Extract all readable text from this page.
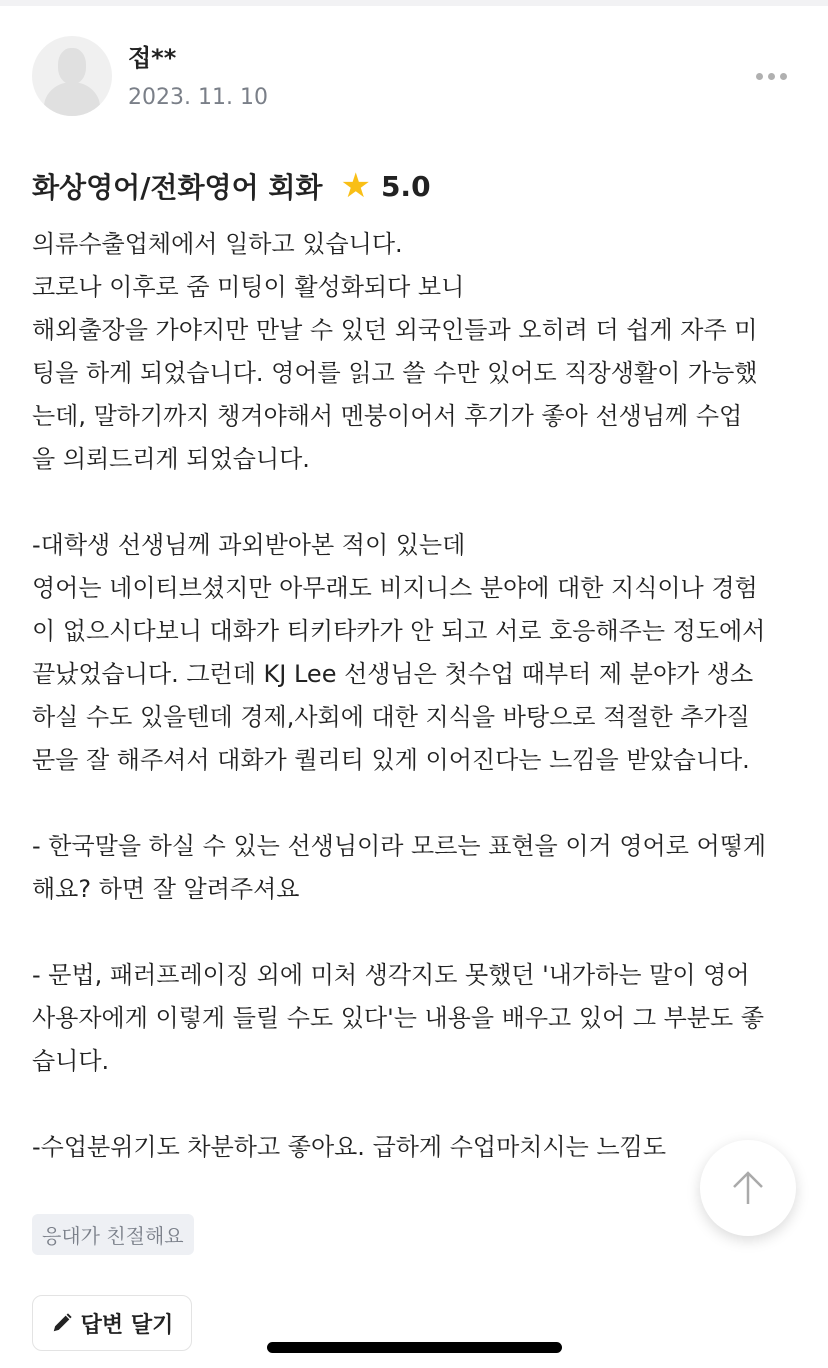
접**
2023. 11. 10
화상영어/전화영어 회화 ★ 5.0
의류수출업체에서 일하고 있습니다.
코로나 이후로 줌 미팅이 활성화되다 보니
해외출장을 가야지만 만날 수 있던 외국인들과 오히려 더 쉽게 자주 미
팅을 하게 되었습니다. 영어를 읽고 쓸 수만 있어도 직장생활이 가능했
는데, 말하기까지 챙겨야해서 멘붕이어서 후기가 좋아 선생님께 수업
을 의뢰드리게 되었습니다.
-대학생 선생님께 과외받아본 적이 있는데
영어는 네이티브셨지만 아무래도 비지니스 분야에 대한 지식이나 경험
이 없으시다보니 대화가 티키타카가 안 되고 서로 호응해주는 정도에서
끝났었습니다. 그런데 KJ Lee 선생님은 첫수업 때부터 제 분야가 생소
하실 수도 있을텐데 경제,사회에 대한 지식을 바탕으로 적절한 추가질
문을 잘 해주셔서 대화가 퀄리티 있게 이어진다는 느낌을 받았습니다.
- 한국말을 하실 수 있는 선생님이라 모르는 표현을 이거 영어로 어떻게
해요? 하면 잘 알려주셔요
- 문법, 패러프레이징 외에 미처 생각지도 못했던 '내가하는 말이 영어
사용자에게 이렇게 들릴 수도 있다'는 내용을 배우고 있어 그 부분도 좋
습니다.
-수업분위기도 차분하고 좋아요. 급하게 수업마치시는 느낌도
응대가 친절해요
답변 달기
